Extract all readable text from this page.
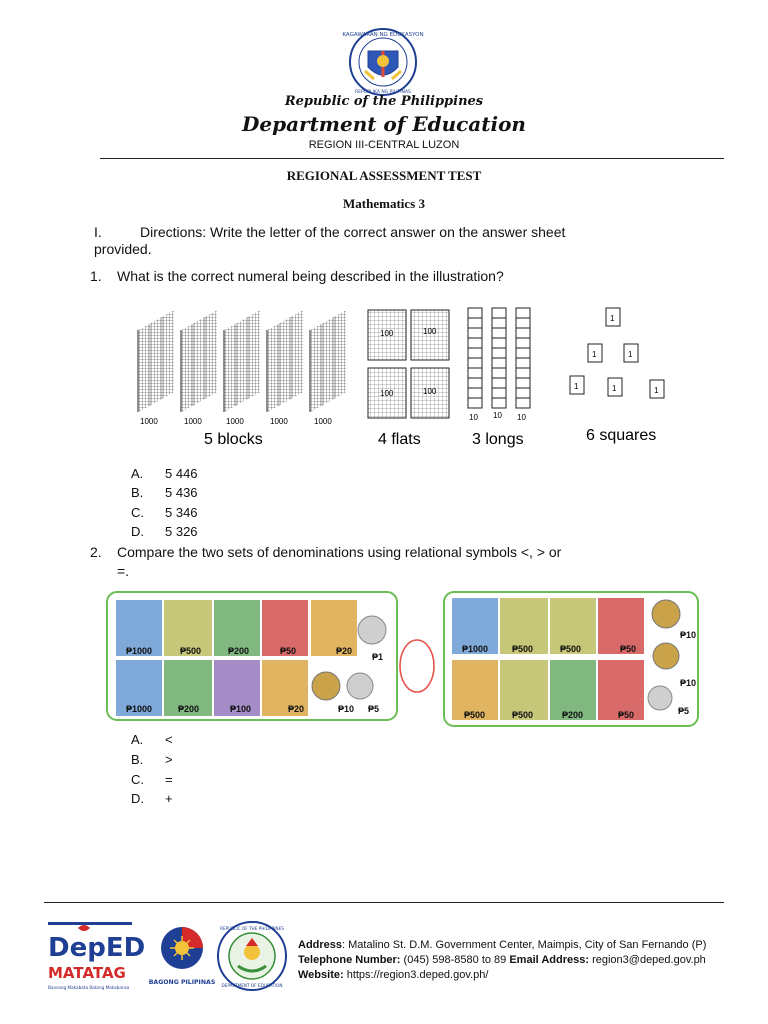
KAGAWARAN NG EDUKASYON
REPUBLIKA NG PILIPINAS
Republic of the Philippines
Department of Education
REGION III-CENTRAL LUZON
REGIONAL ASSESSMENT TEST
Mathematics 3
I.	Directions: Write the letter of the correct answer on the answer sheet
provided.
1. What is the correct numeral being described in the illustration?
1000	1000	1000	1000	1000
5 blocks
100	100
100	100
4 flats
10 10 10
3 longs
1
1	1
1	1	1
6 squares
A. 5 446
B. 5 436
C. 5 346
D. 5 326
2. Compare the two sets of denominations using relational symbols <, > or
=.
₱1000	₱500	₱200	₱50	₱20
₱1
₱1000	₱200	₱100	₱20	₱10 ₱5
₱1000	₱500	₱500	₱50
₱10
₱500	₱500	₱200	₱50
₱10
₱5
A. <
B. >
C. =
D. +
DepED
MATATAG
Bansang Makabata Batang Makabansa
BAGONG PILIPINAS
REPUBLIC OF THE PHILIPPINES
DEPARTMENT OF EDUCATION
Address: Matalino St. D.M. Government Center, Maimpis, City of San Fernando (P)
Telephone Number: (045) 598-8580 to 89 Email Address: region3@deped.gov.ph
Website: https://region3.deped.gov.ph/
